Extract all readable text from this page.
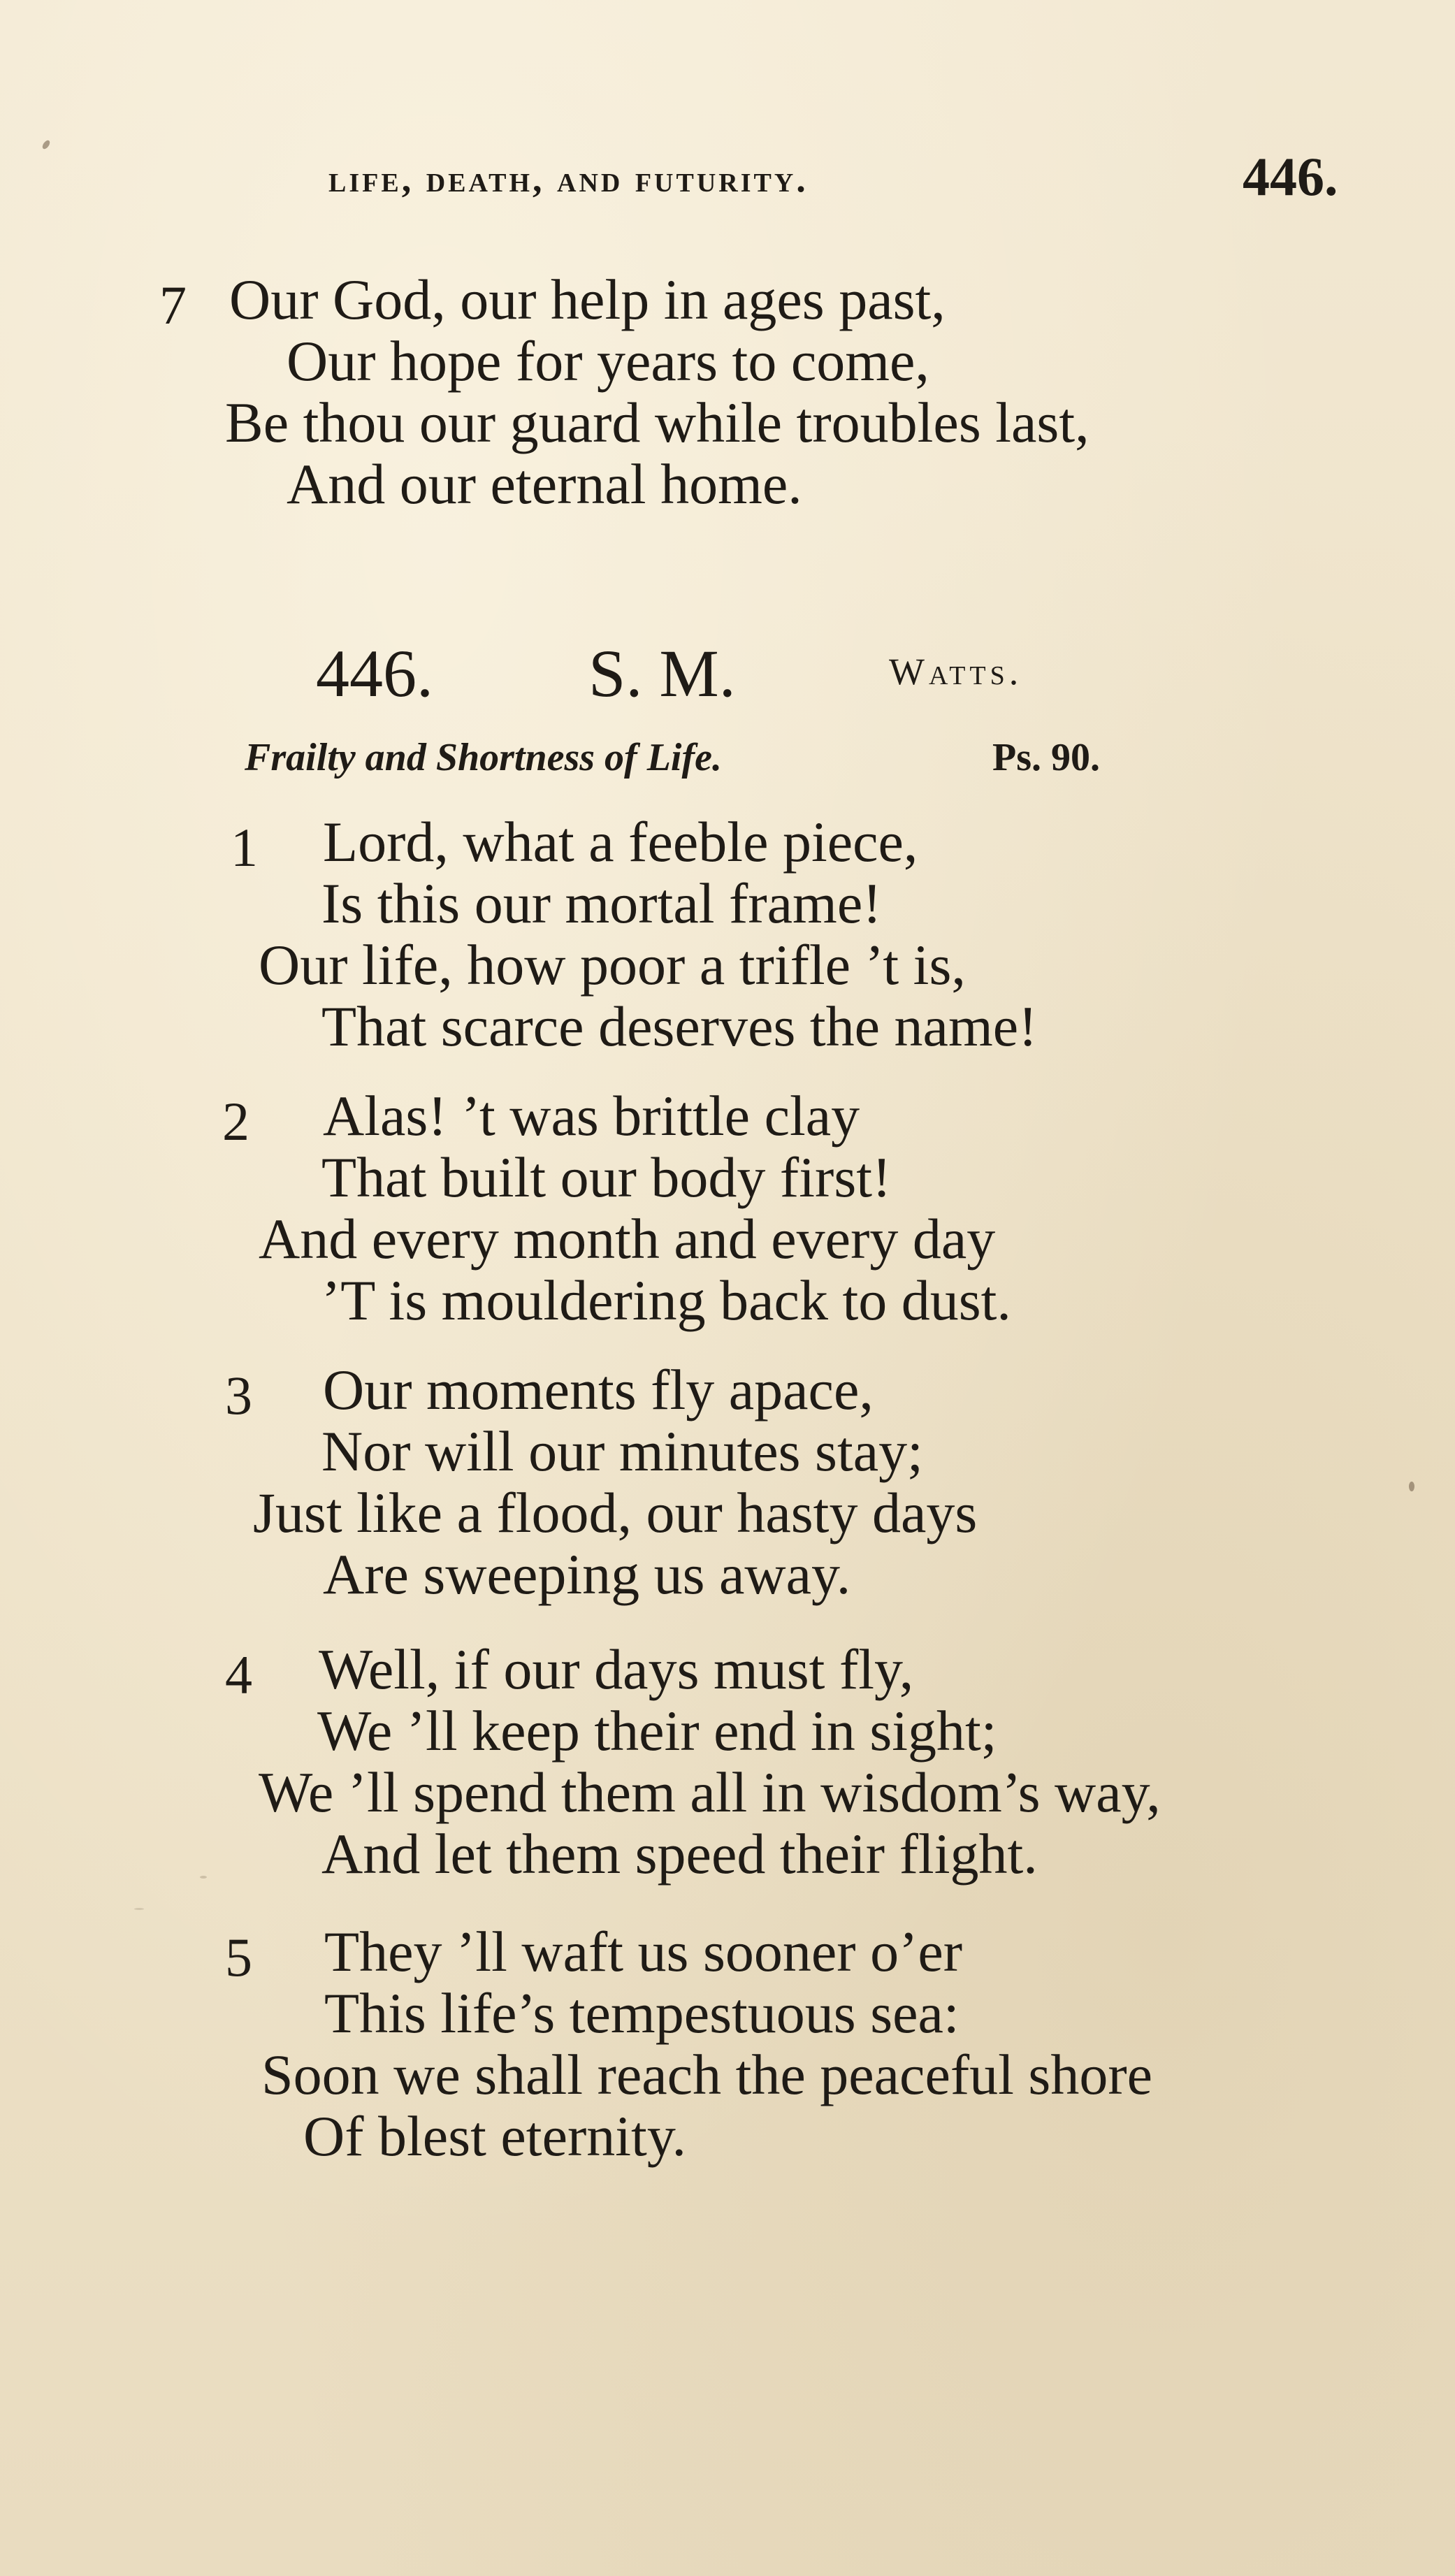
life, death, and futurity.	446.
7 Our God, our help in ages past,
Our hope for years to come,
Be thou our guard while troubles last,
And our eternal home.
446. S. M.	Watts.
Frailty and Shortness of Life.	Ps. 90.
1 Lord, what a feeble piece,
Is this our mortal frame!
Our life, how poor a trifle ’t is,
That scarce deserves the name!
2 Alas! ’t was brittle clay
That built our body first!
And every month and every day
’T is mouldering back to dust.
3 Our moments fly apace,
Nor will our minutes stay;
Just like a flood, our hasty days
Are sweeping us away.
4 Well, if our days must fly,
We ’ll keep their end in sight;
We ’ll spend them all in wisdom’s way,
And let them speed their flight.
5 They ’ll waft us sooner o’er
This life’s tempestuous sea:
Soon we shall reach the peaceful shore
Of blest eternity.
